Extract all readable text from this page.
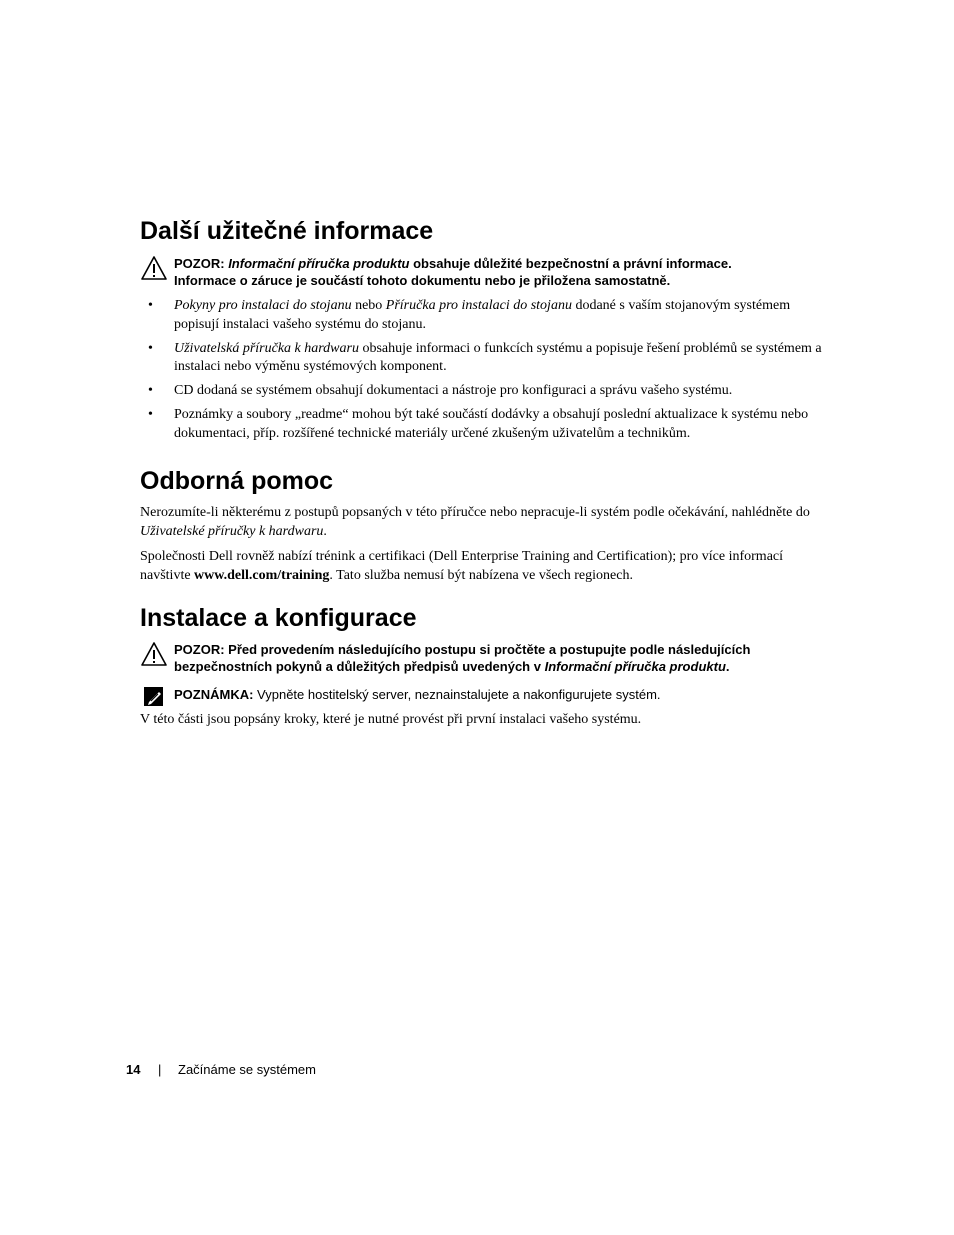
Další užitečné informace
POZOR: Informační příručka produktu obsahuje důležité bezpečnostní a právní informace.
Informace o záruce je součástí tohoto dokumentu nebo je přiložena samostatně.
• Pokyny pro instalaci do stojanu nebo Příručka pro instalaci do stojanu dodané s vaším stojanovým systémem popisují instalaci vašeho systému do stojanu.
• Uživatelská příručka k hardwaru obsahuje informaci o funkcích systému a popisuje řešení problémů se systémem a instalaci nebo výměnu systémových komponent.
• CD dodaná se systémem obsahují dokumentaci a nástroje pro konfiguraci a správu vašeho systému.
• Poznámky a soubory „readme“ mohou být také součástí dodávky a obsahují poslední aktualizace k systému nebo dokumentaci, příp. rozšířené technické materiály určené zkušeným uživatelům a technikům.
Odborná pomoc

Nerozumíte-li některému z postupů popsaných v této příručce nebo nepracuje-li systém podle očekávání, nahlédněte do Uživatelské příručky k hardwaru.

Společnosti Dell rovněž nabízí trénink a certifikaci (Dell Enterprise Training and Certification); pro více informací navštivte www.dell.com/training. Tato služba nemusí být nabízena ve všech regionech.

Instalace a konfigurace
POZOR: Před provedením následujícího postupu si pročtěte a postupujte podle následujících bezpečnostních pokynů a důležitých předpisů uvedených v Informační příručka produktu.
POZNÁMKA: Vypněte hostitelský server, neznainstalujete a nakonfigurujete systém.

V této části jsou popsány kroky, které je nutné provést při první instalaci vašeho systému.

14 | Začínáme se systémem
